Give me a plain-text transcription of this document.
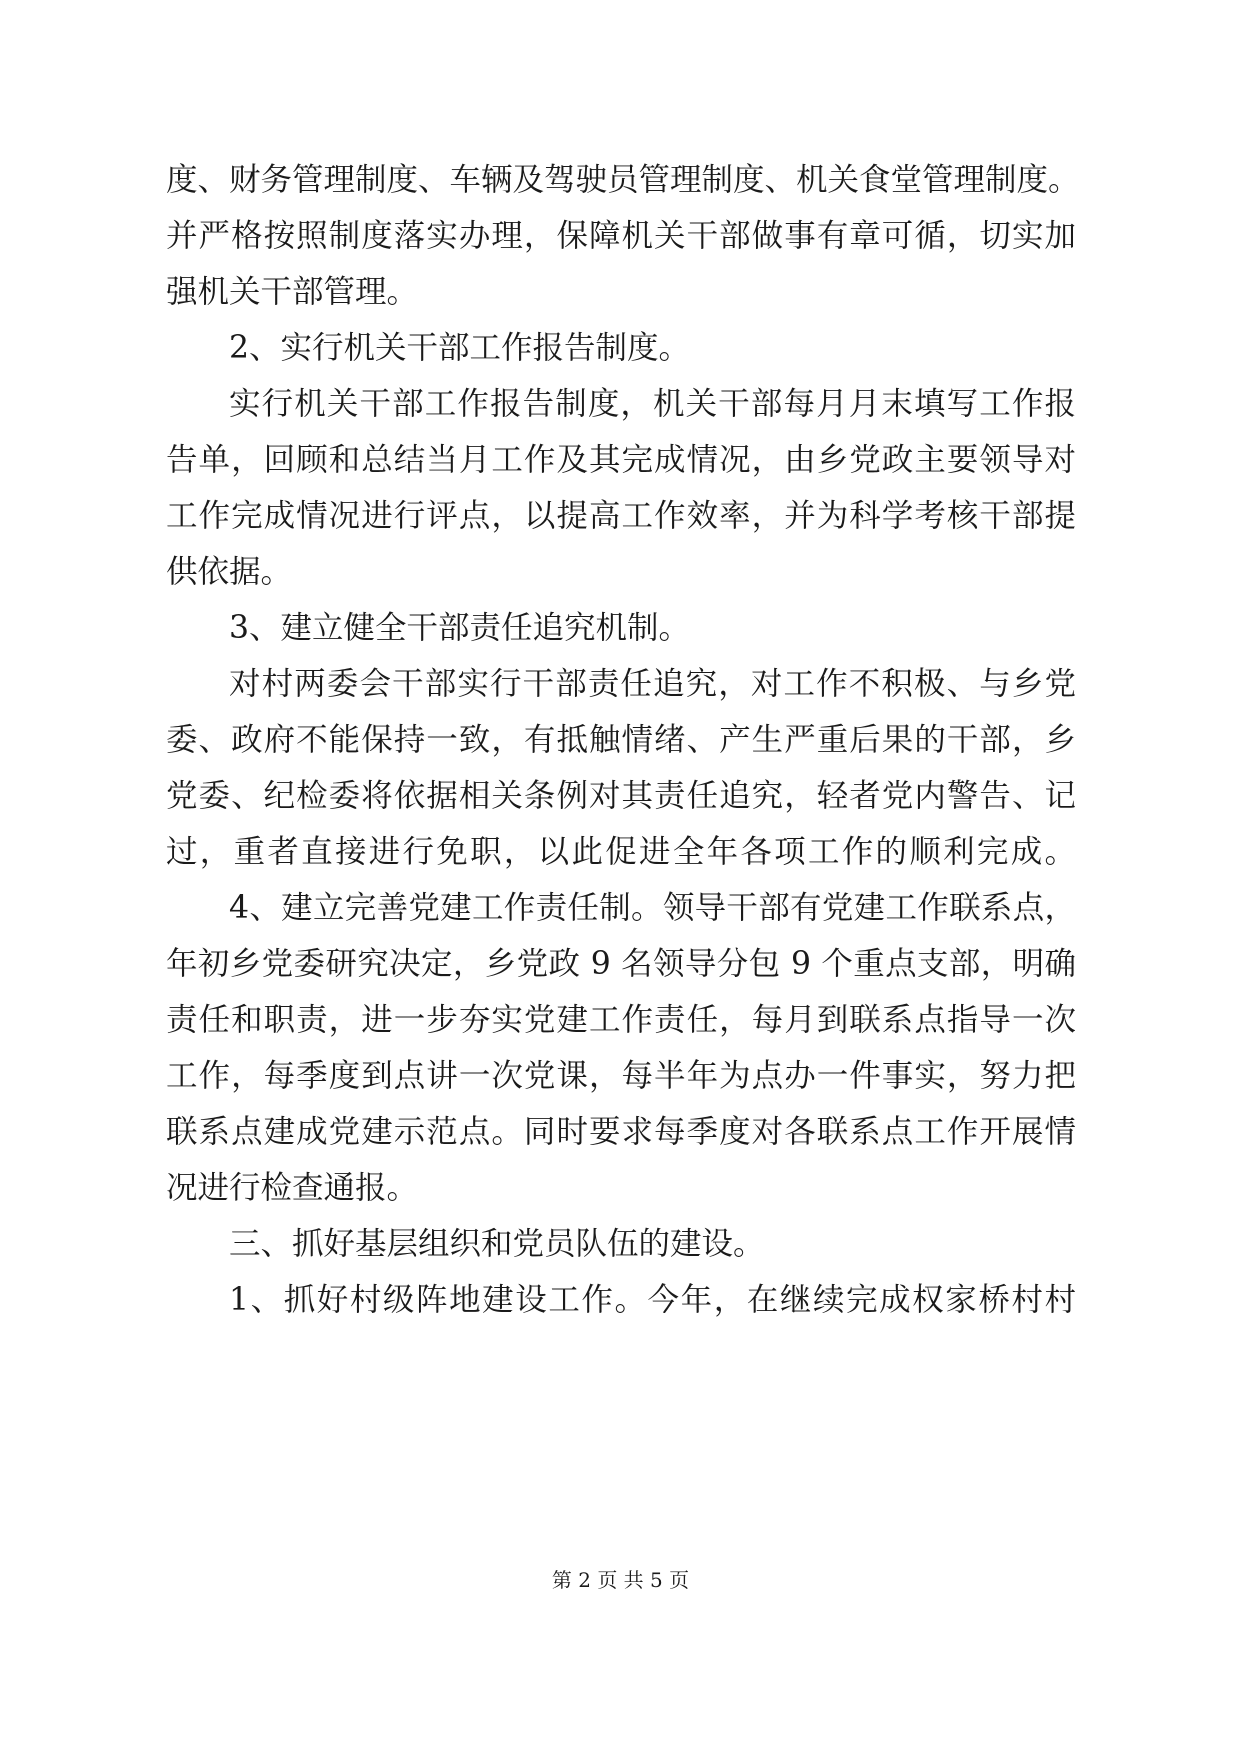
度、财务管理制度、车辆及驾驶员管理制度、机关食堂管理制度。
并严格按照制度落实办理，保障机关干部做事有章可循，切实加
强机关干部管理。
2、实行机关干部工作报告制度。
实行机关干部工作报告制度，机关干部每月月末填写工作报
告单，回顾和总结当月工作及其完成情况，由乡党政主要领导对
工作完成情况进行评点，以提高工作效率，并为科学考核干部提
供依据。
3、建立健全干部责任追究机制。
对村两委会干部实行干部责任追究，对工作不积极、与乡党
委、政府不能保持一致，有抵触情绪、产生严重后果的干部，乡
党委、纪检委将依据相关条例对其责任追究，轻者党内警告、记
过，重者直接进行免职，以此促进全年各项工作的顺利完成。
4、建立完善党建工作责任制。领导干部有党建工作联系点，
年初乡党委研究决定，乡党政 9 名领导分包 9 个重点支部，明确
责任和职责，进一步夯实党建工作责任，每月到联系点指导一次
工作，每季度到点讲一次党课，每半年为点办一件事实，努力把
联系点建成党建示范点。同时要求每季度对各联系点工作开展情
况进行检查通报。
三、抓好基层组织和党员队伍的建设。
1、抓好村级阵地建设工作。今年，在继续完成权家桥村村
第 2 页 共 5 页
